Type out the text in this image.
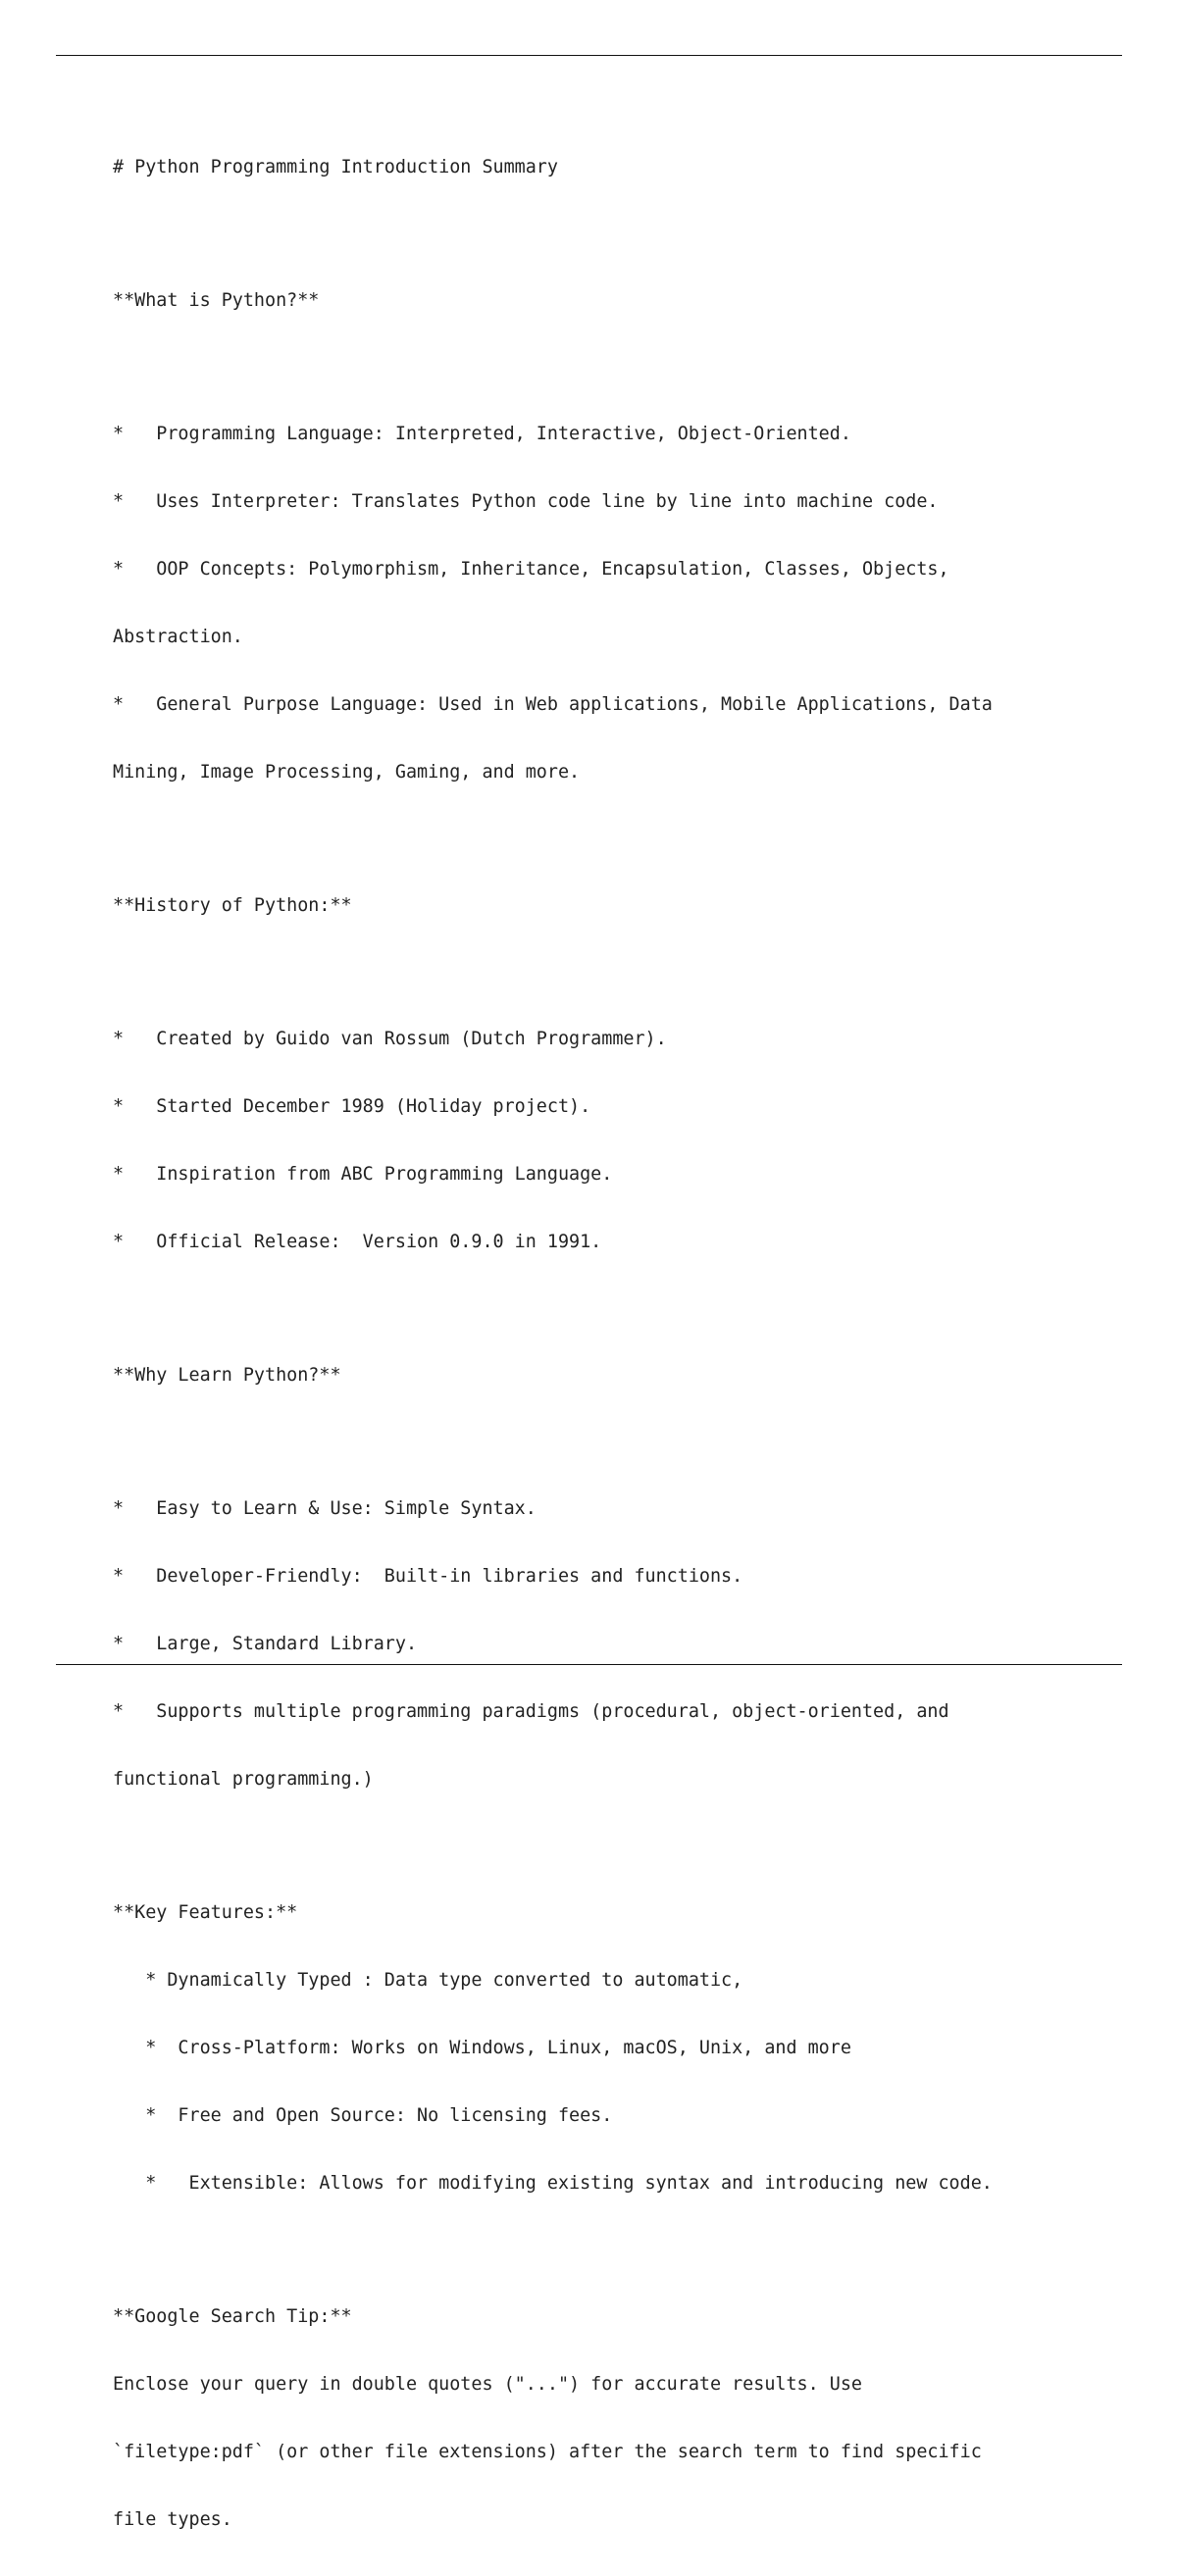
# Python Programming Introduction Summary

**What is Python?**

*   Programming Language: Interpreted, Interactive, Object-Oriented.

*   Uses Interpreter: Translates Python code line by line into machine code.

*   OOP Concepts: Polymorphism, Inheritance, Encapsulation, Classes, Objects,

Abstraction.

*   General Purpose Language: Used in Web applications, Mobile Applications, Data

Mining, Image Processing, Gaming, and more.

**History of Python:**

*   Created by Guido van Rossum (Dutch Programmer).

*   Started December 1989 (Holiday project).

*   Inspiration from ABC Programming Language.

*   Official Release:  Version 0.9.0 in 1991.

**Why Learn Python?**

*   Easy to Learn & Use: Simple Syntax.

*   Developer-Friendly:  Built-in libraries and functions.

*   Large, Standard Library.

*   Supports multiple programming paradigms (procedural, object-oriented, and

functional programming.)

**Key Features:**

* Dynamically Typed : Data type converted to automatic,

*  Cross-Platform: Works on Windows, Linux, macOS, Unix, and more

*  Free and Open Source: No licensing fees.

*   Extensible: Allows for modifying existing syntax and introducing new code.

**Google Search Tip:**

Enclose your query in double quotes ("...") for accurate results. Use

`filetype:pdf` (or other file extensions) after the search term to find specific

file types.
